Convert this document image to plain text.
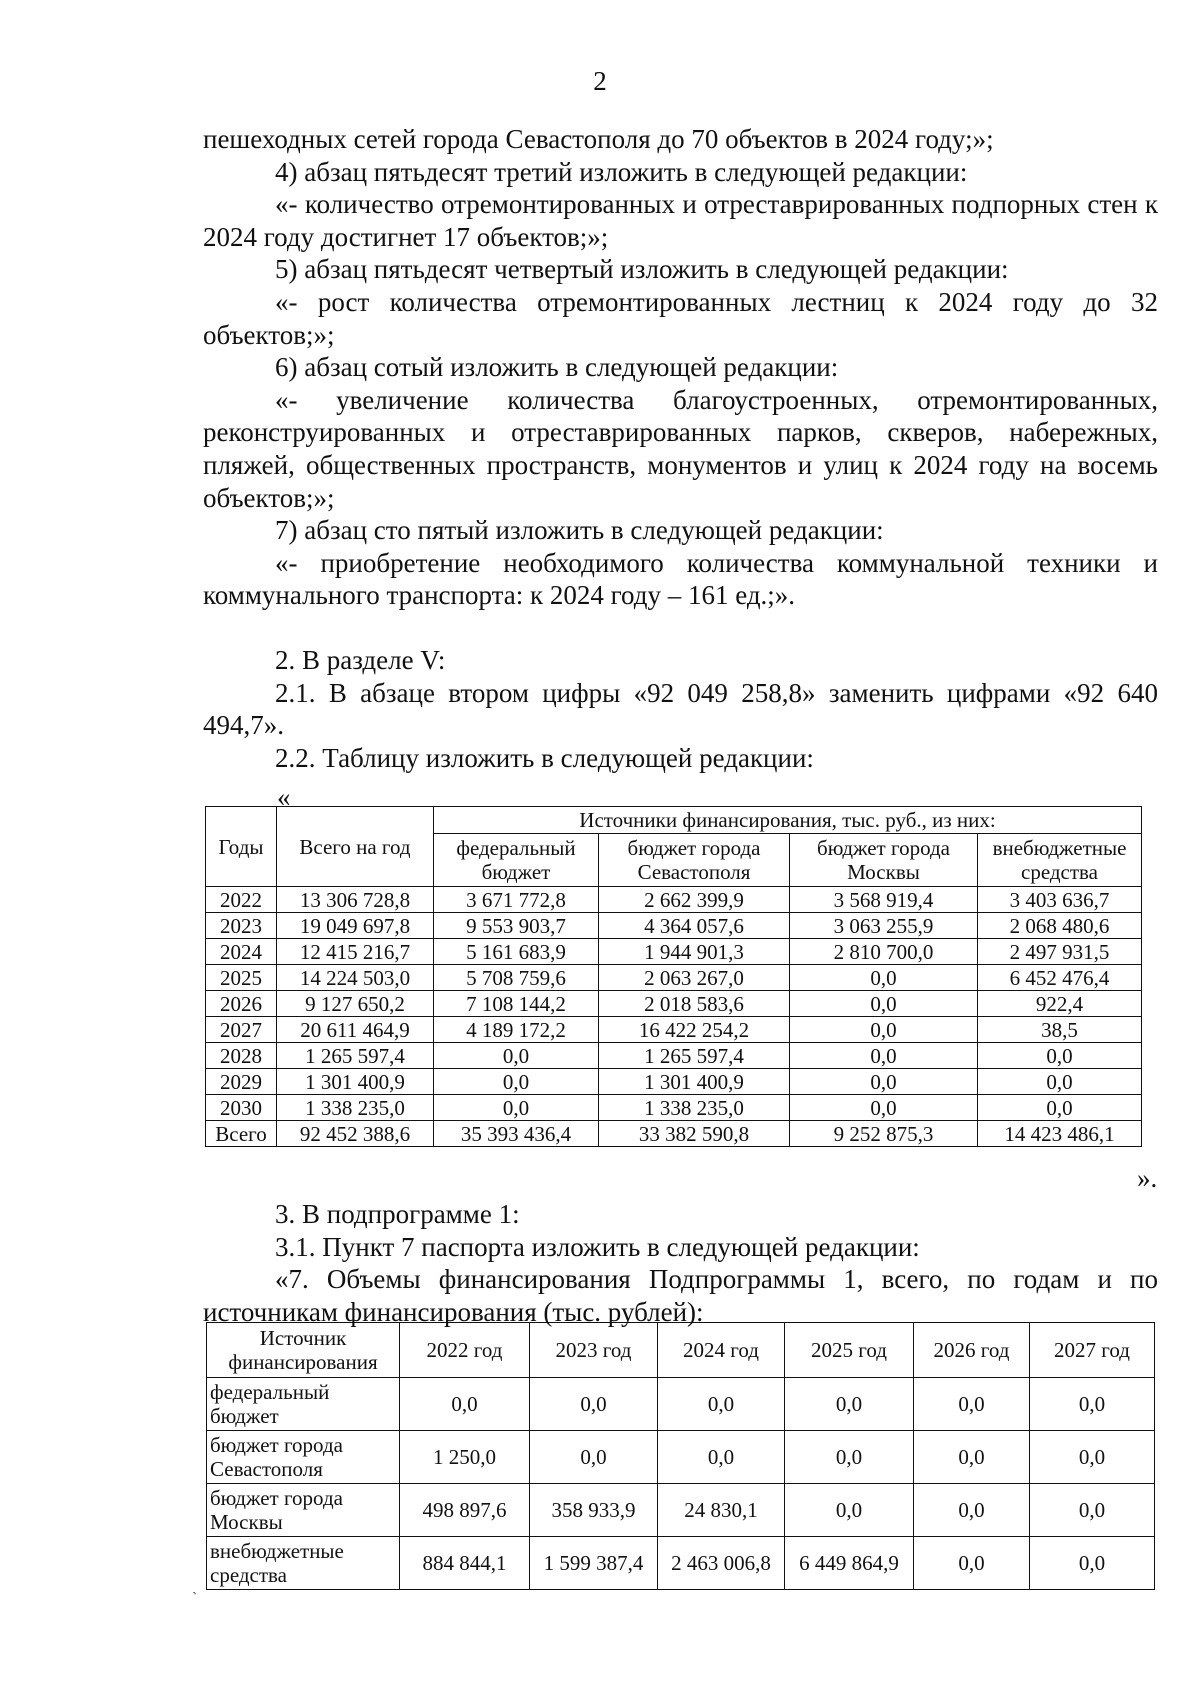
2

пешеходных сетей города Севастополя до 70 объектов в 2024 году;»;

4) абзац пятьдесят третий изложить в следующей редакции:

«- количество отремонтированных и отреставрированных подпорных стен к 2024 году достигнет 17 объектов;»;

5) абзац пятьдесят четвертый изложить в следующей редакции:

«- рост количества отремонтированных лестниц к 2024 году до 32 объектов;»;

6) абзац сотый изложить в следующей редакции:

«- увеличение количества благоустроенных, отремонтированных, реконструированных и отреставрированных парков, скверов, набережных, пляжей, общественных пространств, монументов и улиц к 2024 году на восемь объектов;»;

7) абзац сто пятый изложить в следующей редакции:

«- приобретение необходимого количества коммунальной техники и коммунального транспорта: к 2024 году – 161 ед.;».

2. В разделе V:

2.1. В абзаце втором цифры «92 049 258,8» заменить цифрами «92 640 494,7».

2.2. Таблицу изложить в следующей редакции:

«
Годы	Всего на год	Источники финансирования, тыс. руб., из них:			
		федеральный бюджет	бюджет города Севастополя	бюджет города Москвы	внебюджетные средства
2022	13 306 728,8	3 671 772,8	2 662 399,9	3 568 919,4	3 403 636,7
2023	19 049 697,8	9 553 903,7	4 364 057,6	3 063 255,9	2 068 480,6
2024	12 415 216,7	5 161 683,9	1 944 901,3	2 810 700,0	2 497 931,5
2025	14 224 503,0	5 708 759,6	2 063 267,0	0,0	6 452 476,4
2026	9 127 650,2	7 108 144,2	2 018 583,6	0,0	922,4
2027	20 611 464,9	4 189 172,2	16 422 254,2	0,0	38,5
2028	1 265 597,4	0,0	1 265 597,4	0,0	0,0
2029	1 301 400,9	0,0	1 301 400,9	0,0	0,0
2030	1 338 235,0	0,0	1 338 235,0	0,0	0,0
Всего	92 452 388,6	35 393 436,4	33 382 590,8	9 252 875,3	14 423 486,1
».

3. В подпрограмме 1:

3.1. Пункт 7 паспорта изложить в следующей редакции:

«7. Объемы финансирования Подпрограммы 1, всего, по годам и по источникам финансирования (тыс. рублей):

Источник финансирования	2022 год	2023 год	2024 год	2025 год	2026 год	2027 год
федеральный бюджет	0,0	0,0	0,0	0,0	0,0	0,0
бюджет города Севастополя	1 250,0	0,0	0,0	0,0	0,0	0,0
бюджет города Москвы	498 897,6	358 933,9	24 830,1	0,0	0,0	0,0
внебюджетные средства	884 844,1	1 599 387,4	2 463 006,8	6 449 864,9	0,0	0,0
ˏ
